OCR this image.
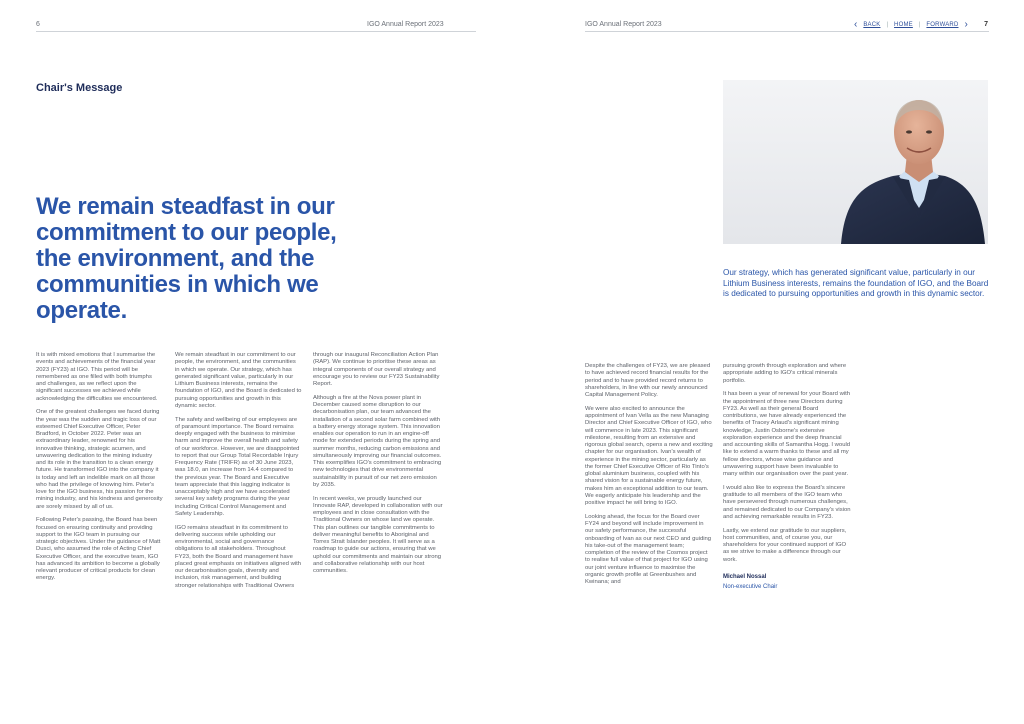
6	IGO Annual Report 2023
Chair's Message
We remain steadfast in our commitment to our people, the environment, and the communities in which we operate.

It is with mixed emotions that I summarise the events and achievements of the financial year 2023 (FY23) at IGO. This period will be remembered as one filled with both triumphs and challenges, as we reflect upon the significant successes we achieved while acknowledging the difficulties we encountered.

One of the greatest challenges we faced during the year was the sudden and tragic loss of our esteemed Chief Executive Officer, Peter Bradford, in October 2022. Peter was an extraordinary leader, renowned for his innovative thinking, strategic acumen, and unwavering dedication to the mining industry and its role in the transition to a clean energy future. He transformed IGO into the company it is today and left an indelible mark on all those who had the privilege of knowing him. Peter's love for the IGO business, his passion for the mining industry, and his kindness and generosity are sorely missed by all of us.

Following Peter's passing, the Board has been focused on ensuring continuity and providing support to the IGO team in pursuing our strategic objectives. Under the guidance of Matt Dusci, who assumed the role of Acting Chief Executive Officer, and the executive team, IGO has advanced its ambition to become a globally relevant producer of critical products for clean energy.

We remain steadfast in our commitment to our people, the environment, and the communities in which we operate. Our strategy, which has generated significant value, particularly in our Lithium Business interests, remains the foundation of IGO, and the Board is dedicated to pursuing opportunities and growth in this dynamic sector.

The safety and wellbeing of our employees are of paramount importance. The Board remains deeply engaged with the business to minimise harm and improve the overall health and safety of our workforce. However, we are disappointed to report that our Group Total Recordable Injury Frequency Rate (TRIFR) as of 30 June 2023, was 18.0, an increase from 14.4 compared to the previous year. The Board and Executive team appreciate that this lagging indicator is unacceptably high and we have accelerated several key safety programs during the year including Critical Control Management and Safety Leadership.

IGO remains steadfast in its commitment to delivering success while upholding our environmental, social and governance obligations to all stakeholders. Throughout FY23, both the Board and management have placed great emphasis on initiatives aligned with our decarbonisation goals, diversity and inclusion, risk management, and building stronger relationships with Traditional Owners

through our inaugural Reconciliation Action Plan (RAP). We continue to prioritise these areas as integral components of our overall strategy and encourage you to review our FY23 Sustainability Report.

Although a fire at the Nova power plant in December caused some disruption to our decarbonisation plan, our team advanced the installation of a second solar farm combined with a battery energy storage system. This innovation enables our operation to run in an engine-off mode for extended periods during the spring and summer months, reducing carbon emissions and simultaneously improving our financial outcomes. This exemplifies IGO's commitment to embracing new technologies that drive environmental sustainability in pursuit of our net zero emission by 2035.

In recent weeks, we proudly launched our Innovate RAP, developed in collaboration with our employees and in close consultation with the Traditional Owners on whose land we operate. This plan outlines our tangible commitments to deliver meaningful benefits to Aboriginal and Torres Strait Islander peoples. It will serve as a roadmap to guide our actions, ensuring that we uphold our commitments and maintain our strong and collaborative relationship with our host communities.

IGO Annual Report 2023	‹ BACK | HOME | FORWARD › 7
Our strategy, which has generated significant value, particularly in our Lithium Business interests, remains the foundation of IGO, and the Board is dedicated to pursuing opportunities and growth in this dynamic sector.

Despite the challenges of FY23, we are pleased to have achieved record financial results for the period and to have provided record returns to shareholders, in line with our newly announced Capital Management Policy.

We were also excited to announce the appointment of Ivan Vella as the new Managing Director and Chief Executive Officer of IGO, who will commence in late 2023. This significant milestone, resulting from an extensive and rigorous global search, opens a new and exciting chapter for our organisation. Ivan's wealth of experience in the mining sector, particularly as the former Chief Executive Officer of Rio Tinto's global aluminium business, coupled with his shared vision for a sustainable energy future, makes him an exceptional addition to our team. We eagerly anticipate his leadership and the positive impact he will bring to IGO.

Looking ahead, the focus for the Board over FY24 and beyond will include improvement in our safety performance, the successful onboarding of Ivan as our next CEO and guiding his take-out of the management team; completion of the review of the Cosmos project to realise full value of that project for IGO using our joint venture influence to maximise the organic growth profile at Greenbushes and Kwinana; and

pursuing growth through exploration and where appropriate adding to IGO's critical minerals portfolio.

It has been a year of renewal for your Board with the appointment of three new Directors during FY23. As well as their general Board contributions, we have already experienced the benefits of Tracey Arlaud's significant mining knowledge, Justin Osborne's extensive exploration experience and the deep financial and accounting skills of Samantha Hogg. I would like to extend a warm thanks to these and all my fellow directors, whose wise guidance and unwavering support have been invaluable to many within our organisation over the past year.

I would also like to express the Board's sincere gratitude to all members of the IGO team who have persevered through numerous challenges, and remained dedicated to our Company's vision and achieving remarkable results in FY23.

Lastly, we extend our gratitude to our suppliers, host communities, and, of course you, our shareholders for your continued support of IGO as we strive to make a difference through our work.

Michael Nossal
Non-executive Chair
